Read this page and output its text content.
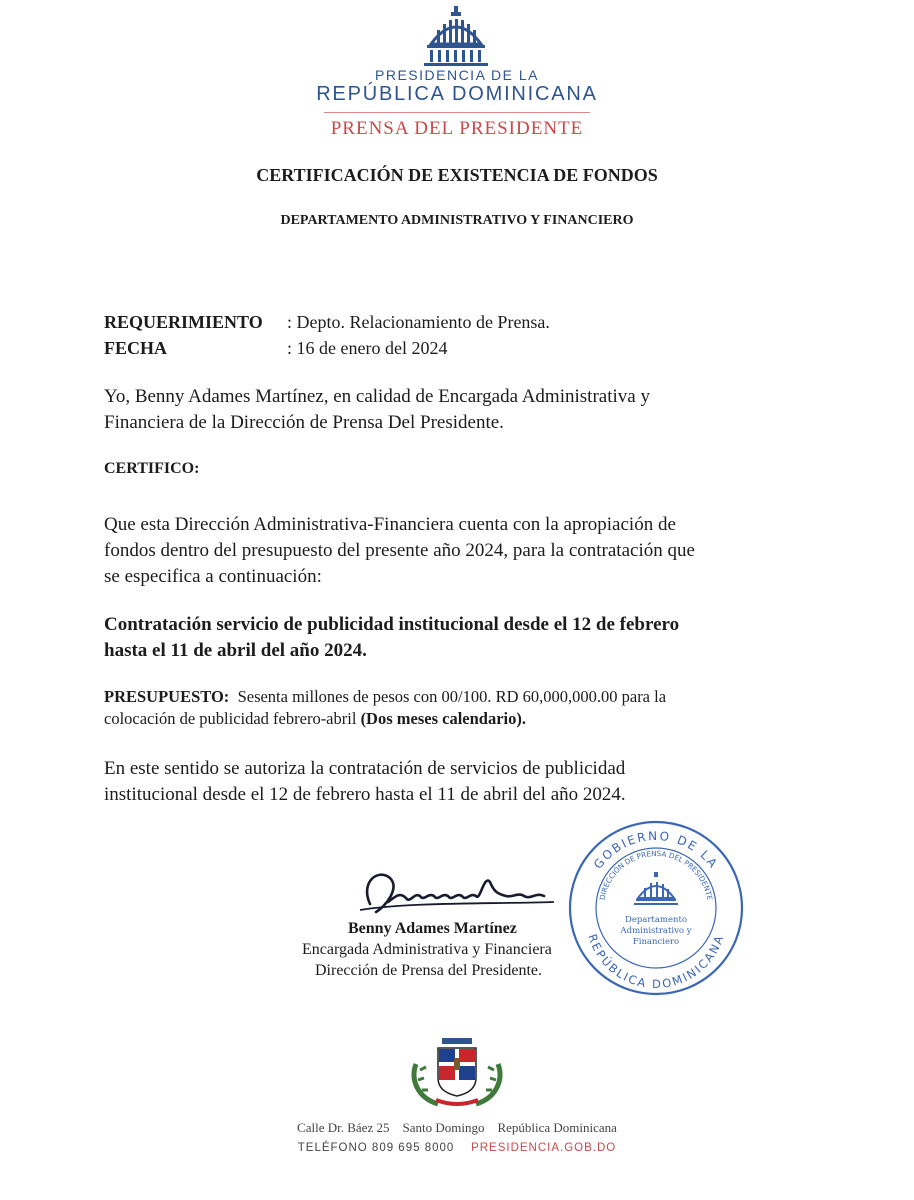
PRESIDENCIA DE LA
REPÚBLICA DOMINICANA
PRENSA DEL PRESIDENTE
CERTIFICACIÓN DE EXISTENCIA DE FONDOS
DEPARTAMENTO ADMINISTRATIVO Y FINANCIERO
REQUERIMIENTO : Depto. Relacionamiento de Prensa.
FECHA	: 16 de enero del 2024
Yo, Benny Adames Martínez, en calidad de Encargada Administrativa y
Financiera de la Dirección de Prensa Del Presidente.
CERTIFICO:
Que esta Dirección Administrativa-Financiera cuenta con la apropiación de
fondos dentro del presupuesto del presente año 2024, para la contratación que
se especifica a continuación:
Contratación servicio de publicidad institucional desde el 12 de febrero
hasta el 11 de abril del año 2024.
PRESUPUESTO: Sesenta millones de pesos con 00/100. RD 60,000,000.00 para la
colocación de publicidad febrero-abril (Dos meses calendario).
En este sentido se autoriza la contratación de servicios de publicidad
institucional desde el 12 de febrero hasta el 11 de abril del año 2024.
Benny Adames Martínez
Encargada Administrativa y Financiera
Dirección de Prensa del Presidente.
GOBIERNO DE LA
DIRECCIÓN DE PRENSA DEL PRESIDENTE
REPÚBLICA DOMINICANA
Departamento
Administrativo y
Financiero
Calle Dr. Báez 25 Santo Domingo República Dominicana
TELÉFONO 809 695 8000 PRESIDENCIA.GOB.DO
